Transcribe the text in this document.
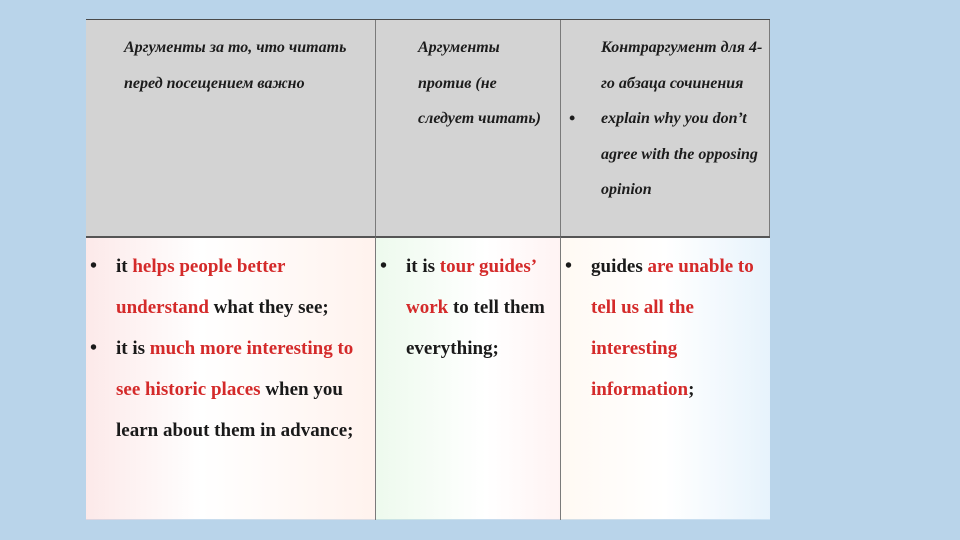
Аргументы за то, что читать перед посещением важно
Аргументы против (не следует читать)
Контраргумент для 4-го абзаца сочинения
• explain why you don’t agree with the opposing opinion
• it helps people better understand what they see;
• it is much more interesting to see historic places when you learn about them in advance;
• it is tour guides’ work to tell them everything;
• guides are unable to tell us all the interesting information;
